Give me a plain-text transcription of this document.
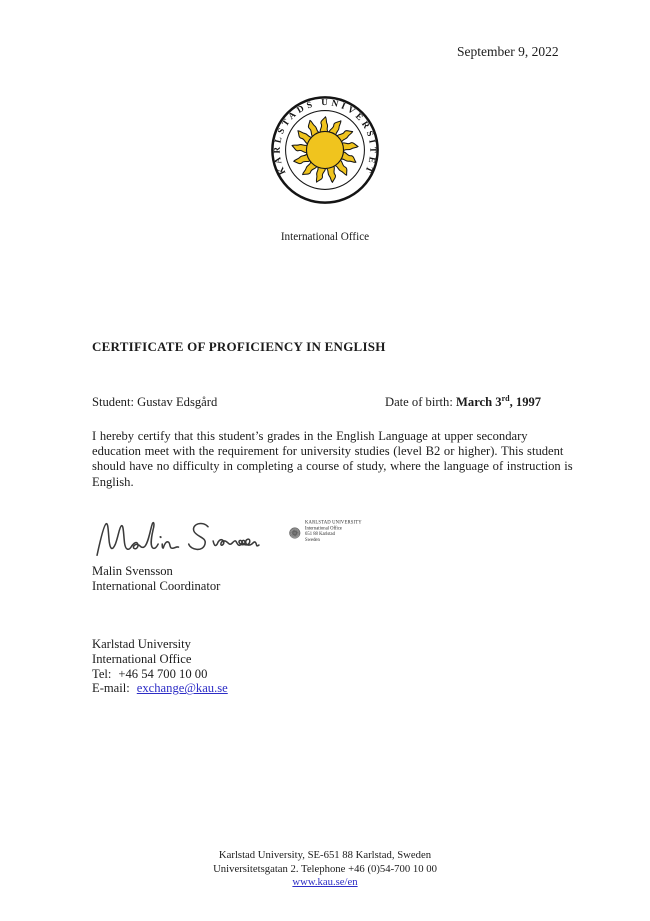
September 9, 2022
International Office
CERTIFICATE OF PROFICIENCY IN ENGLISH
Student: Gustav Edsgård	Date of birth: March 3rd, 1997
I hereby certify that this student’s grades in the English Language at upper secondary education meet with the requirement for university studies (level B2 or higher). This student should have no difficulty in completing a course of study, where the language of instruction is English.
KARLSTAD UNIVERSITY
International Office
651 88 Karlstad
Sweden
Malin Svensson
International Coordinator
Karlstad University
International Office
Tel: +46 54 700 10 00
E-mail: exchange@kau.se
Karlstad University, SE-651 88 Karlstad, Sweden
Universitetsgatan 2. Telephone +46 (0)54-700 10 00
www.kau.se/en
